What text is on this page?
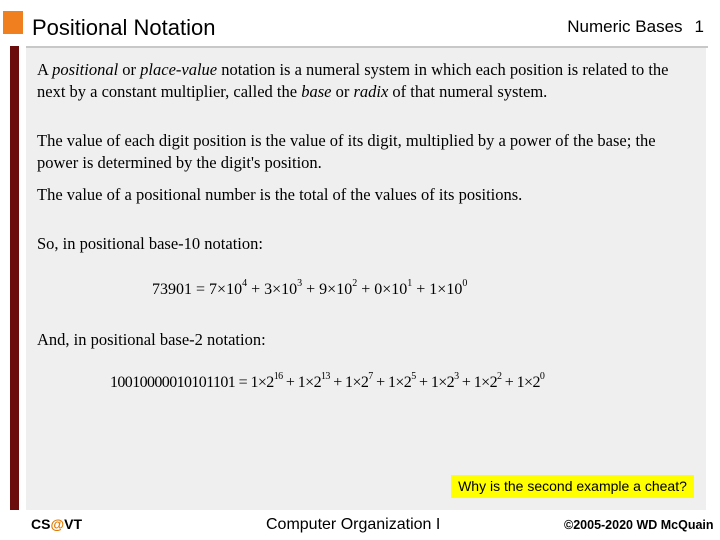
Positional Notation	Numeric Bases 1

A positional or place-value notation is a numeral system in which each position is related to the next by a constant multiplier, called the base or radix of that numeral system.

The value of each digit position is the value of its digit, multiplied by a power of the base; the power is determined by the digit's position.

The value of a positional number is the total of the values of its positions.

So, in positional base-10 notation:

$73901 = 7\times 10^4 + 3\times 10^3 + 9\times 10^2 + 0\times 10^1 + 1\times 10^0$

And, in positional base-2 notation:

$10010000010101101 = 1\times 2^{16} + 1\times 2^{13} + 1\times 2^7 + 1\times 2^5 + 1\times 2^3 + 1\times 2^2 + 1\times 2^0$
Why is the second example a cheat?
CS@VT	Computer Organization I	©2005-2020 WD McQuain
